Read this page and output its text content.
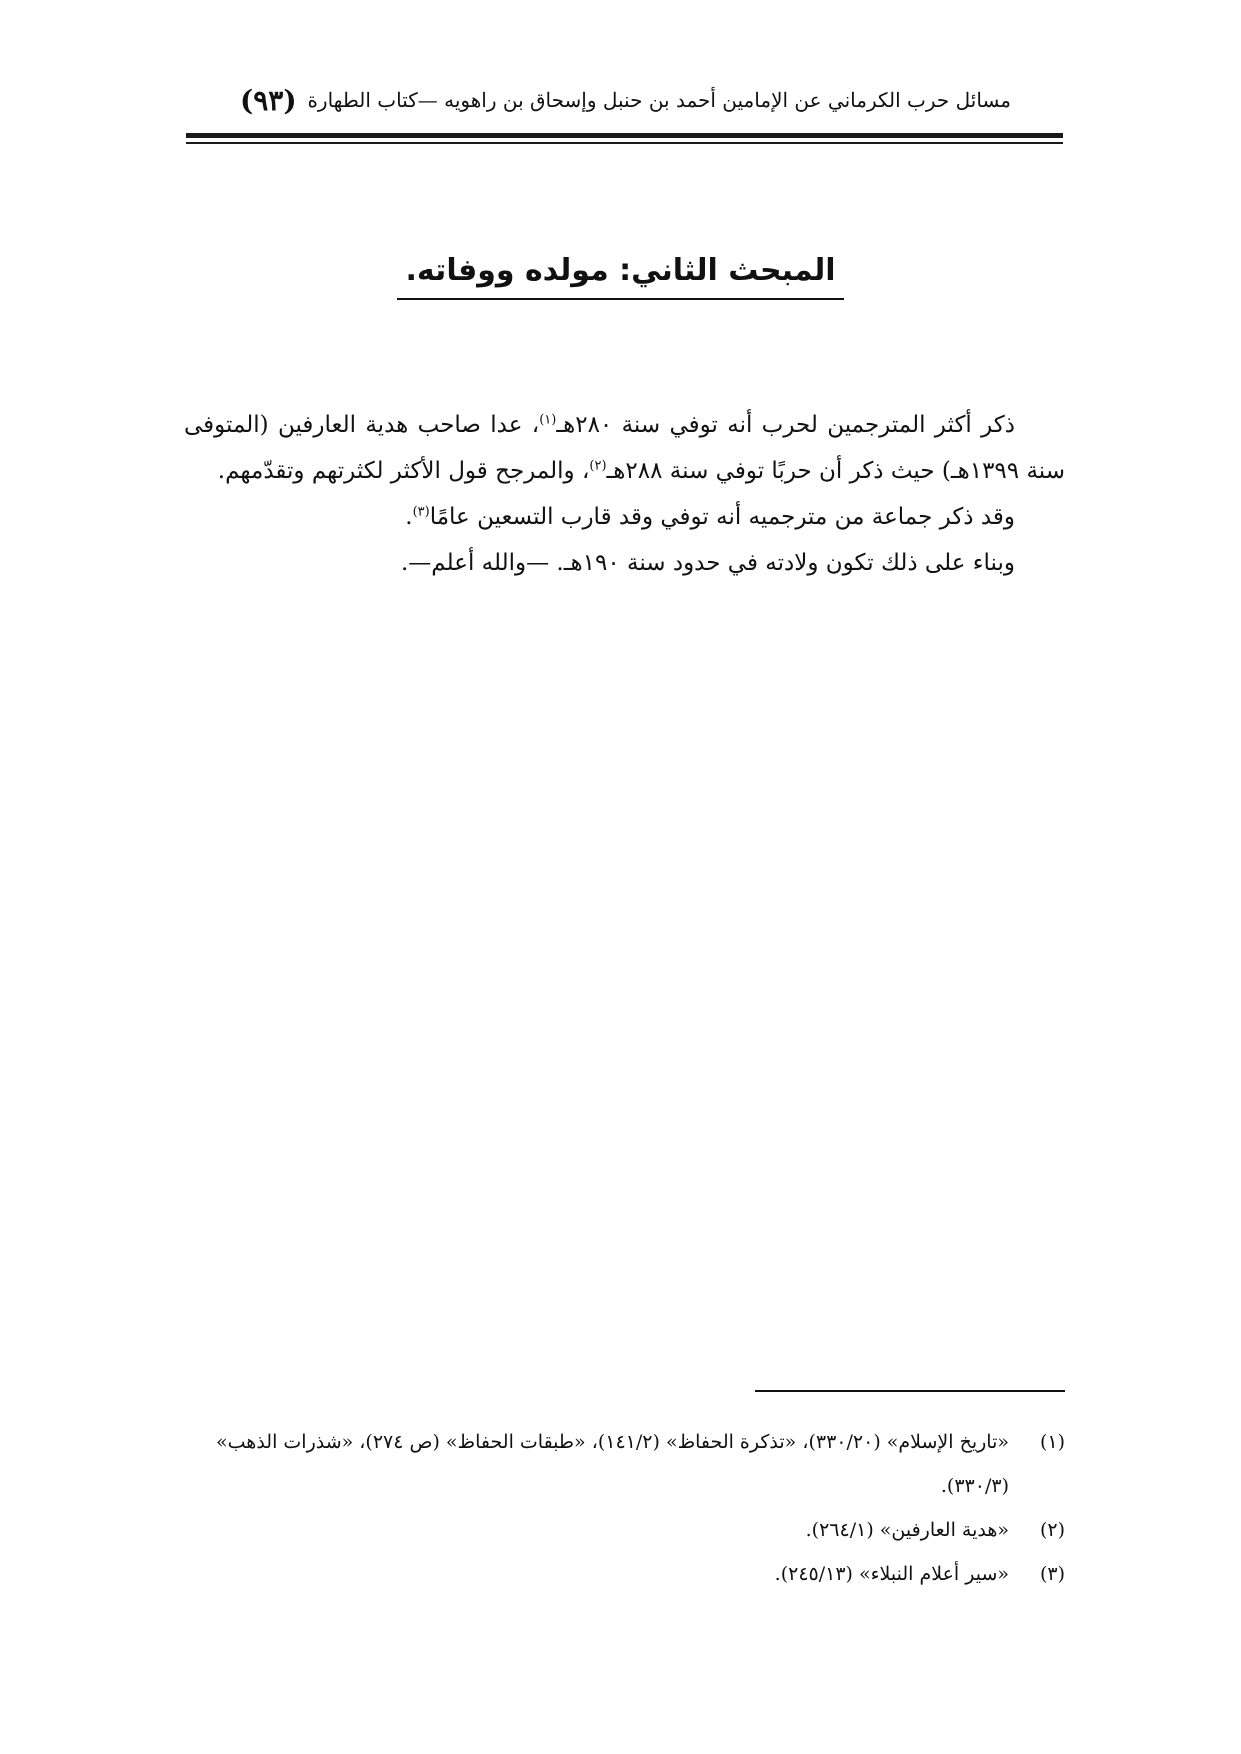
مسائل حرب الكرماني عن الإمامين أحمد بن حنبل وإسحاق بن راهويه —كتاب الطهارة
(٩٣)
المبحث الثاني: مولده ووفاته.

ذكر أكثر المترجمين لحرب أنه توفي سنة ٢٨٠هـ$^{(١)}$، عدا صاحب هدية العارفين (المتوفى سنة ١٣٩٩هـ) حيث ذكر أن حربًا توفي سنة ٢٨٨هـ$^{(٢)}$، والمرجح قول الأكثر لكثرتهم وتقدّمهم.

وقد ذكر جماعة من مترجميه أنه توفي وقد قارب التسعين عامًا$^{(٣)}$.

وبناء على ذلك تكون ولادته في حدود سنة ١٩٠هـ. —والله أعلم—.

(١)
«تاريخ الإسلام» (٣٣٠/٢٠)، «تذكرة الحفاظ» (١٤١/٢)، «طبقات الحفاظ» (ص ٢٧٤)، «شذرات الذهب» (٣٣٠/٣).
(٢)
«هدية العارفين» (٢٦٤/١).
(٣)
«سير أعلام النبلاء» (٢٤٥/١٣).
